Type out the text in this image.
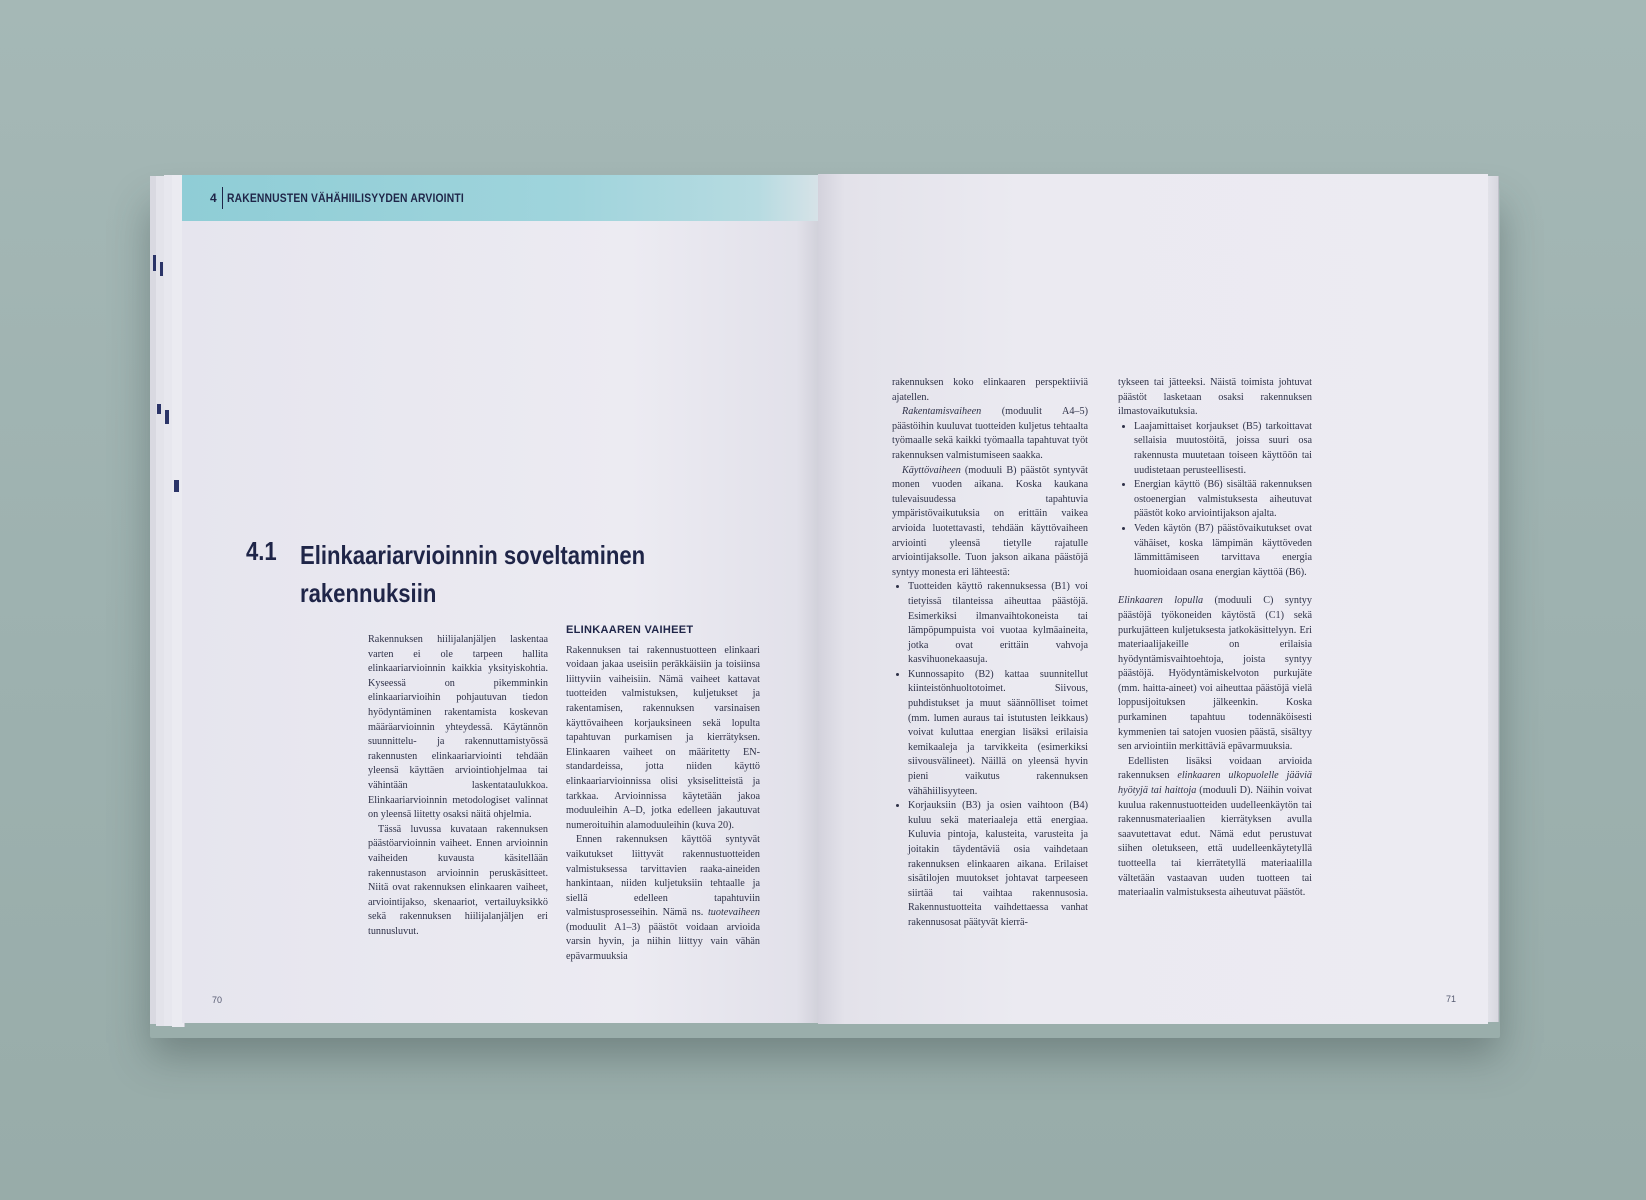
4 RAKENNUSTEN VÄHÄHIILISYYDEN ARVIOINTI
4.1 Elinkaariarvioinnin soveltaminen rakennuksiin

Rakennuksen hiilijalanjäljen laskentaa varten ei ole tarpeen hallita elinkaariarvioinnin kaikkia yksityiskohtia. Kyseessä on pikemminkin elinkaariarvioihin pohjautuvan tiedon hyödyntäminen rakentamista koskevan määräarvioinnin yhteydessä. Käytännön suunnittelu- ja rakennuttamistyössä rakennusten elinkaariarviointi tehdään yleensä käyttäen arviointiohjelmaa tai vähintään laskentataulukkoa. Elinkaariarvioinnin metodologiset valinnat on yleensä liitetty osaksi näitä ohjelmia.

Tässä luvussa kuvataan rakennuksen päästöarvioinnin vaiheet. Ennen arvioinnin vaiheiden kuvausta käsitellään rakennustason arvioinnin peruskäsitteet. Niitä ovat rakennuksen elinkaaren vaiheet, arviointijakso, skenaariot, vertailuyksikkö sekä rakennuksen hiilijalanjäljen eri tunnusluvut.

ELINKAAREN VAIHEET

Rakennuksen tai rakennustuotteen elinkaari voidaan jakaa useisiin peräkkäisiin ja toisiinsa liittyviin vaiheisiin. Nämä vaiheet kattavat tuotteiden valmistuksen, kuljetukset ja rakentamisen, rakennuksen varsinaisen käyttövaiheen korjauksineen sekä lopulta tapahtuvan purkamisen ja kierrätyksen. Elinkaaren vaiheet on määritetty EN-standardeissa, jotta niiden käyttö elinkaariarvioinnissa olisi yksiselitteistä ja tarkkaa. Arvioinnissa käytetään jakoa moduuleihin A–D, jotka edelleen jakautuvat numeroituihin alamoduuleihin (kuva 20).

Ennen rakennuksen käyttöä syntyvät vaikutukset liittyvät rakennustuotteiden valmistuksessa tarvittavien raaka-aineiden hankintaan, niiden kuljetuksiin tehtaalle ja siellä edelleen tapahtuviin valmistusprosesseihin. Nämä ns. tuotevaiheen (moduulit A1–3) päästöt voidaan arvioida varsin hyvin, ja niihin liittyy vain vähän epävarmuuksia

70

rakennuksen koko elinkaaren perspektiiviä ajatellen.

Rakentamisvaiheen (moduulit A4–5) päästöihin kuuluvat tuotteiden kuljetus tehtaalta työmaalle sekä kaikki työmaalla tapahtuvat työt rakennuksen valmistumiseen saakka.

Käyttövaiheen (moduuli B) päästöt syntyvät monen vuoden aikana. Koska kaukana tulevaisuudessa tapahtuvia ympäristövaikutuksia on erittäin vaikea arvioida luotettavasti, tehdään käyttövaiheen arviointi yleensä tietylle rajatulle arviointijaksolle. Tuon jakson aikana päästöjä syntyy monesta eri lähteestä:

• Tuotteiden käyttö rakennuksessa (B1) voi tietyissä tilanteissa aiheuttaa päästöjä. Esimerkiksi ilmanvaihtokoneista tai lämpöpumpuista voi vuotaa kylmäaineita, jotka ovat erittäin vahvoja kasvihuonekaasuja.
• Kunnossapito (B2) kattaa suunnitellut kiinteistönhuoltotoimet. Siivous, puhdistukset ja muut säännölliset toimet (mm. lumen auraus tai istutusten leikkaus) voivat kuluttaa energian lisäksi erilaisia kemikaaleja ja tarvikkeita (esimerkiksi siivousvälineet). Näillä on yleensä hyvin pieni vaikutus rakennuksen vähähiilisyyteen.
• Korjauksiin (B3) ja osien vaihtoon (B4) kuluu sekä materiaaleja että energiaa. Kuluvia pintoja, kalusteita, varusteita ja joitakin täydentäviä osia vaihdetaan rakennuksen elinkaaren aikana. Erilaiset sisätilojen muutokset johtavat tarpeeseen siirtää tai vaihtaa rakennusosia. Rakennustuotteita vaihdettaessa vanhat rakennusosat päätyvät kierrä-

tykseen tai jätteeksi. Näistä toimista johtuvat päästöt lasketaan osaksi rakennuksen ilmastovaikutuksia.

• Laajamittaiset korjaukset (B5) tarkoittavat sellaisia muutostöitä, joissa suuri osa rakennusta muutetaan toiseen käyttöön tai uudistetaan perusteellisesti.
• Energian käyttö (B6) sisältää rakennuksen ostoenergian valmistuksesta aiheutuvat päästöt koko arviointijakson ajalta.
• Veden käytön (B7) päästövaikutukset ovat vähäiset, koska lämpimän käyttöveden lämmittämiseen tarvittava energia huomioidaan osana energian käyttöä (B6).

Elinkaaren lopulla (moduuli C) syntyy päästöjä työkoneiden käytöstä (C1) sekä purkujätteen kuljetuksesta jatkokäsittelyyn. Eri materiaalijakeille on erilaisia hyödyntämisvaihtoehtoja, joista syntyy päästöjä. Hyödyntämiskelvoton purkujäte (mm. haitta-aineet) voi aiheuttaa päästöjä vielä loppusijoituksen jälkeenkin. Koska purkaminen tapahtuu todennäköisesti kymmenien tai satojen vuosien päästä, sisältyy sen arviointiin merkittäviä epävarmuuksia.

Edellisten lisäksi voidaan arvioida rakennuksen elinkaaren ulkopuolelle jääviä hyötyjä tai haittoja (moduuli D). Näihin voivat kuulua rakennustuotteiden uudelleenkäytön tai rakennusmateriaalien kierrätyksen avulla saavutettavat edut. Nämä edut perustuvat siihen oletukseen, että uudelleenkäytetyllä tuotteella tai kierrätetyllä materiaalilla vältetään vastaavan uuden tuotteen tai materiaalin valmistuksesta aiheutuvat päästöt.

71
